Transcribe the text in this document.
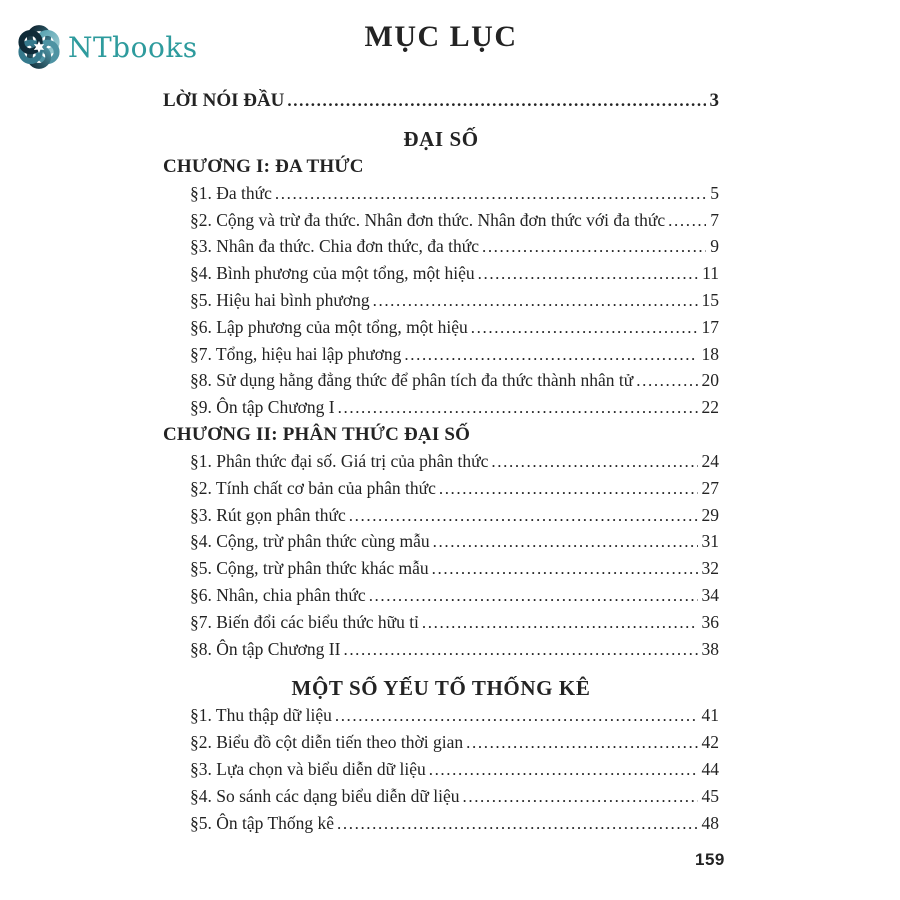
NTbooks	MỤC LỤC
LỜI NÓI ĐẦU .....	3
ĐẠI SỐ
CHƯƠNG I: ĐA THỨC
§1. Đa thức .....	5
§2. Cộng và trừ đa thức. Nhân đơn thức. Nhân đơn thức với đa thức .....	7
§3. Nhân đa thức. Chia đơn thức, đa thức .....	9
§4. Bình phương của một tổng, một hiệu .....	11
§5. Hiệu hai bình phương .....	15
§6. Lập phương của một tổng, một hiệu .....	17
§7. Tổng, hiệu hai lập phương .....	18
§8. Sử dụng hằng đẳng thức để phân tích đa thức thành nhân tử .....	20
§9. Ôn tập Chương I .....	22
CHƯƠNG II: PHÂN THỨC ĐẠI SỐ
§1. Phân thức đại số. Giá trị của phân thức .....	24
§2. Tính chất cơ bản của phân thức .....	27
§3. Rút gọn phân thức .....	29
§4. Cộng, trừ phân thức cùng mẫu .....	31
§5. Cộng, trừ phân thức khác mẫu .....	32
§6. Nhân, chia phân thức .....	34
§7. Biến đổi các biểu thức hữu tỉ .....	36
§8. Ôn tập Chương II .....	38
MỘT SỐ YẾU TỐ THỐNG KÊ
§1. Thu thập dữ liệu .....	41
§2. Biểu đồ cột diễn tiến theo thời gian .....	42
§3. Lựa chọn và biểu diễn dữ liệu .....	44
§4. So sánh các dạng biểu diễn dữ liệu .....	45
§5. Ôn tập Thống kê .....	48
159
